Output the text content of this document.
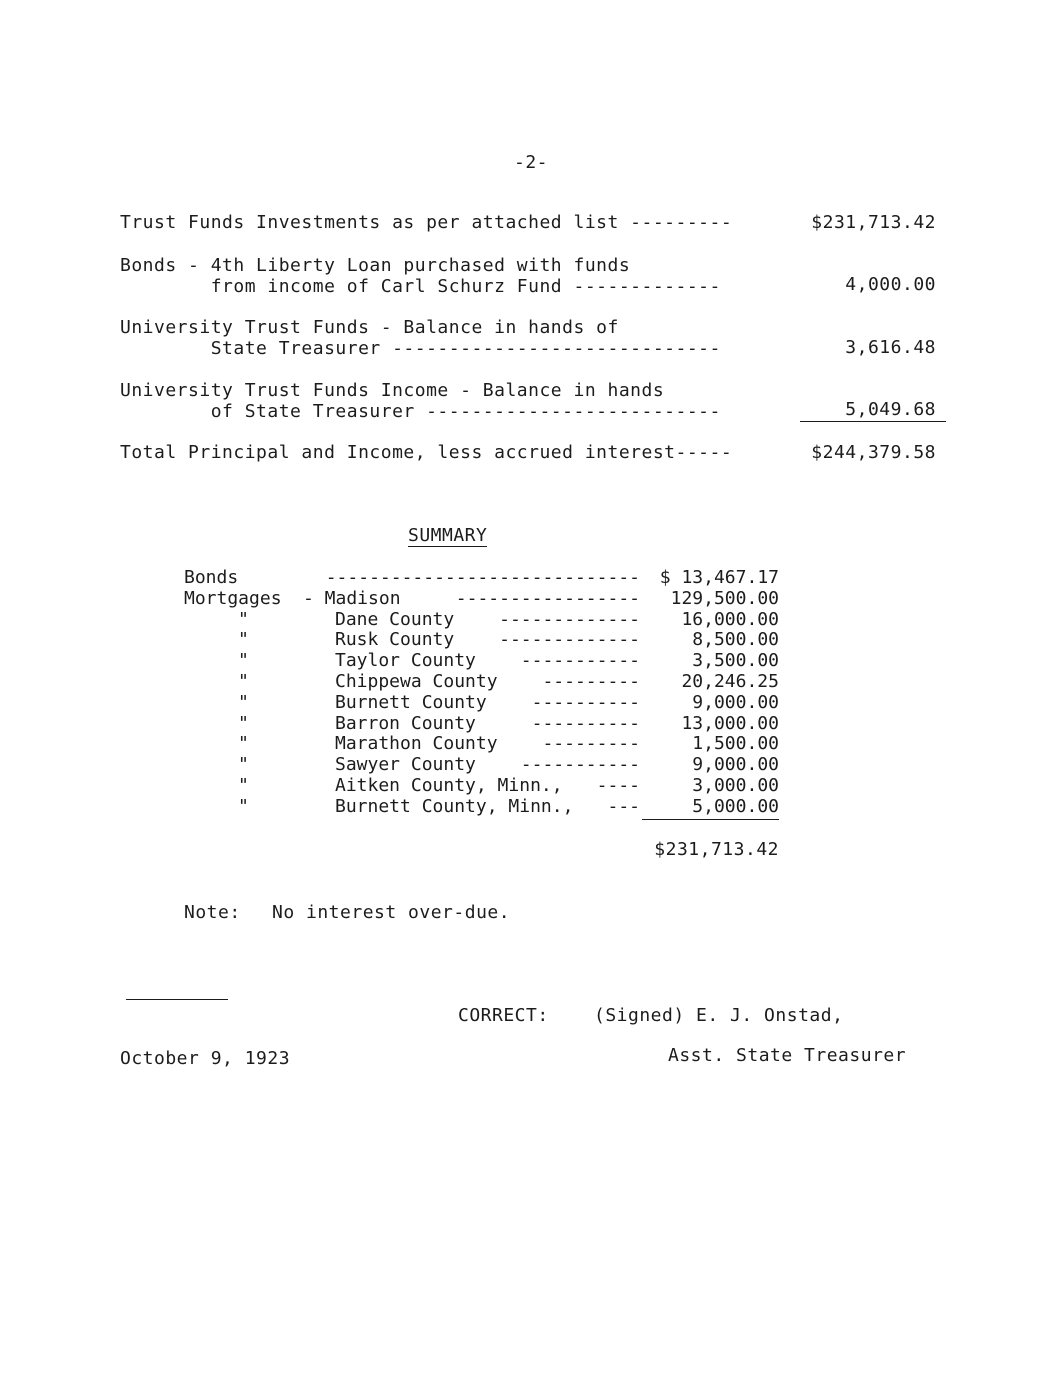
-2-
Trust Funds Investments as per attached list ---------	$231,713.42
Bonds - 4th Liberty Loan purchased with funds
from income of Carl Schurz Fund -------------	4,000.00
University Trust Funds - Balance in hands of
State Treasurer -----------------------------	3,616.48
University Trust Funds Income - Balance in hands
of State Treasurer --------------------------	5,049.68
Total Principal and Income, less accrued interest-----	$244,379.58
SUMMARY
Bonds	----------------------------- $ 13,467.17
Mortgages - Madison	----------------- 129,500.00
"	Dane County ------------- 16,000.00
"	Rusk County -------------	8,500.00
"	Taylor County -----------	3,500.00
"	Chippewa County --------- 20,246.25
"	Burnett County ----------	9,000.00
"	Barron County	---------- 13,000.00
"	Marathon County ---------	1,500.00
"	Sawyer County -----------	9,000.00
"	Aitken County, Minn., ----	3,000.00
"	Burnett County, Minn., ---	5,000.00
$231,713.42
Note: No interest over-due.
CORRECT:	(Signed) E. J. Onstad,
October 9, 1923	Asst. State Treasurer
